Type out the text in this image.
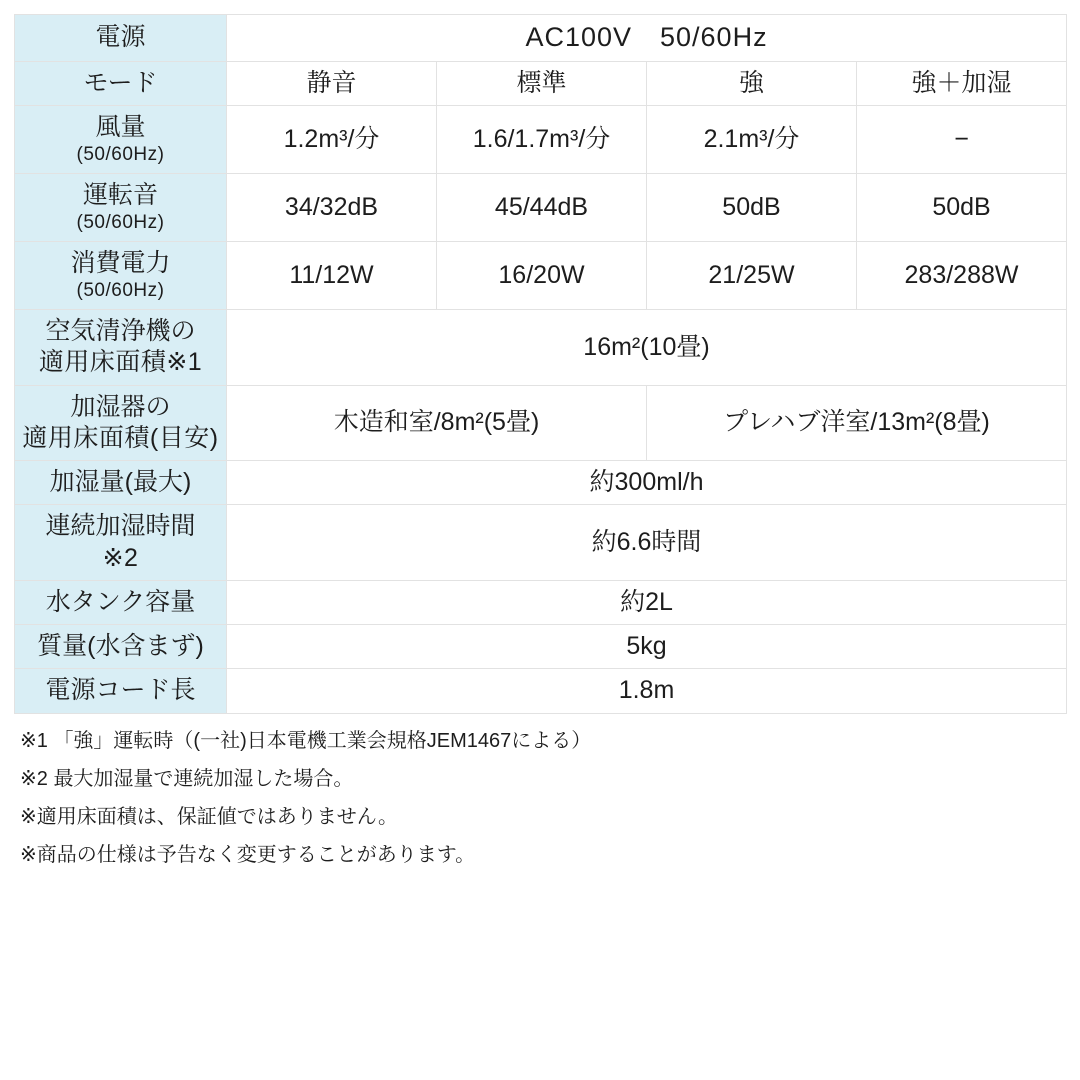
電源	AC100V　50/60Hz			
モード	静音	標準	強	強＋加湿
風量
(50/60Hz)	1.2m³/分	1.6/1.7m³/分	2.1m³/分	−
運転音
(50/60Hz)	34/32dB	45/44dB	50dB	50dB
消費電力
(50/60Hz)	11/12W	16/20W	21/25W	283/288W
空気清浄機の
適用床面積※1	16m²(10畳)			
加湿器の
適用床面積(目安)	木造和室/8m²(5畳)		プレハブ洋室/13m²(8畳)	
加湿量(最大)	約300ml/h			
連続加湿時間
※2	約6.6時間			
水タンク容量	約2L			
質量(水含まず)	5kg			
電源コード長	1.8m			

※1 「強」運転時（(一社)日本電機工業会規格JEM1467による）

※2 最大加湿量で連続加湿した場合。

※適用床面積は、保証値ではありません。

※商品の仕様は予告なく変更することがあります。
